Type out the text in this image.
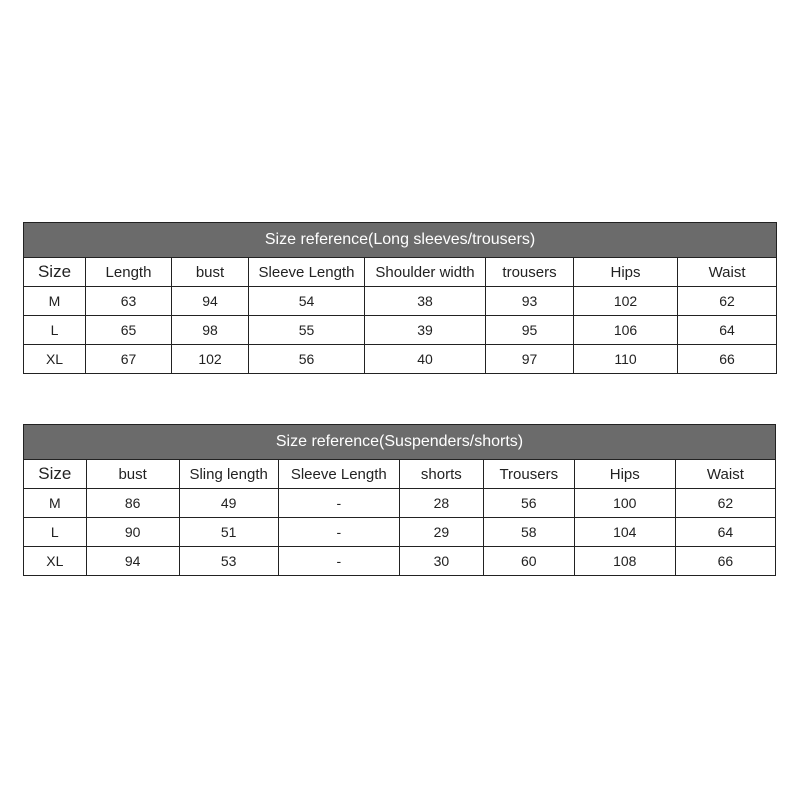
Size reference(Long sleeves/trousers)							
Size	Length	bust	Sleeve Length	Shoulder width	trousers	Hips	Waist
M	63	94	54	38	93	102	62
L	65	98	55	39	95	106	64
XL	67	102	56	40	97	110	66
Size reference(Suspenders/shorts)							
Size	bust	Sling length	Sleeve Length	shorts	Trousers	Hips	Waist
M	86	49	-	28	56	100	62
L	90	51	-	29	58	104	64
XL	94	53	-	30	60	108	66
